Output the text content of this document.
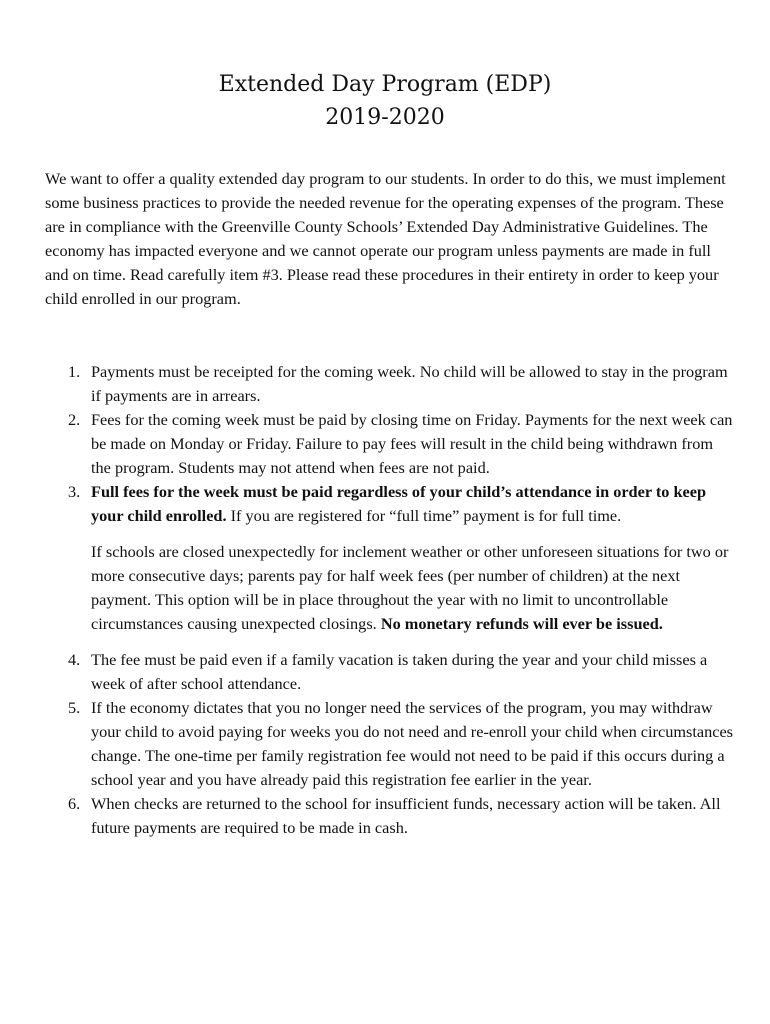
Extended Day Program (EDP)
2019-2020

We want to offer a quality extended day program to our students. In order to do this, we must implement some business practices to provide the needed revenue for the operating expenses of the program. These are in compliance with the Greenville County Schools’ Extended Day Administrative Guidelines. The economy has impacted everyone and we cannot operate our program unless payments are made in full and on time. Read carefully item #3. Please read these procedures in their entirety in order to keep your child enrolled in our program.

1. Payments must be receipted for the coming week. No child will be allowed to stay in the program if payments are in arrears.

2. Fees for the coming week must be paid by closing time on Friday. Payments for the next week can be made on Monday or Friday. Failure to pay fees will result in the child being withdrawn from the program. Students may not attend when fees are not paid.

3. Full fees for the week must be paid regardless of your child’s attendance in order to keep your child enrolled. If you are registered for “full time” payment is for full time.

If schools are closed unexpectedly for inclement weather or other unforeseen situations for two or more consecutive days; parents pay for half week fees (per number of children) at the next payment. This option will be in place throughout the year with no limit to uncontrollable circumstances causing unexpected closings. No monetary refunds will ever be issued.

4. The fee must be paid even if a family vacation is taken during the year and your child misses a week of after school attendance.

5. If the economy dictates that you no longer need the services of the program, you may withdraw your child to avoid paying for weeks you do not need and re-enroll your child when circumstances change. The one-time per family registration fee would not need to be paid if this occurs during a school year and you have already paid this registration fee earlier in the year.

6. When checks are returned to the school for insufficient funds, necessary action will be taken. All future payments are required to be made in cash.
